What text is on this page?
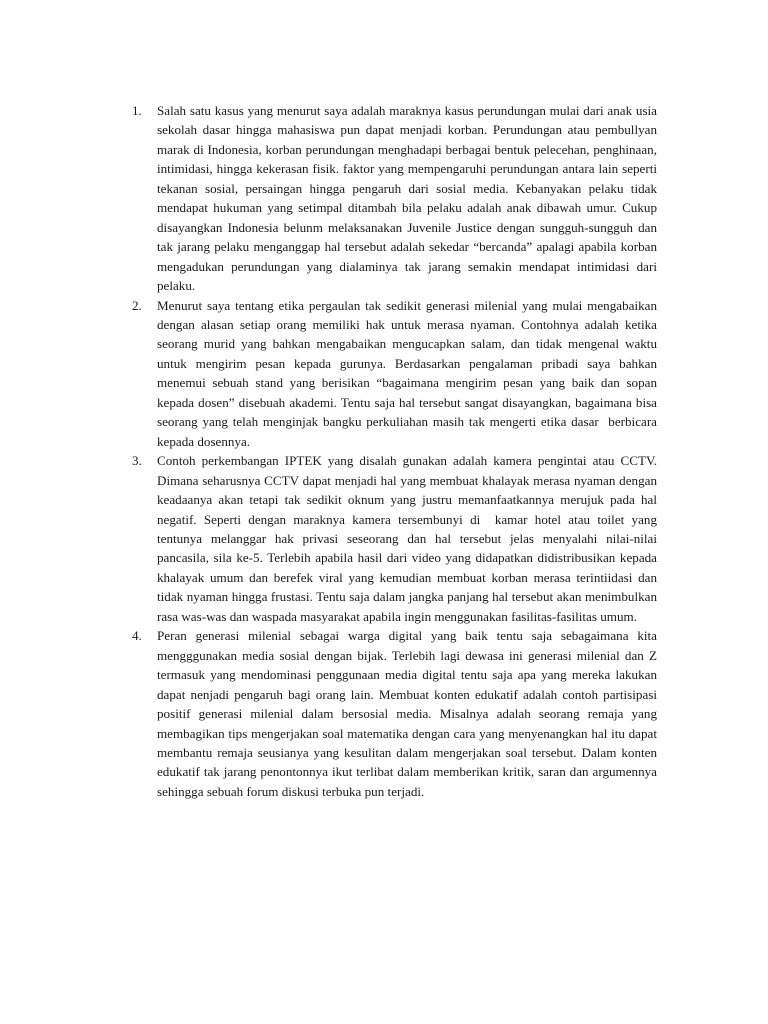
1. Salah satu kasus yang menurut saya adalah maraknya kasus perundungan mulai dari anak usia sekolah dasar hingga mahasiswa pun dapat menjadi korban. Perundungan atau pembullyan marak di Indonesia, korban perundungan menghadapi berbagai bentuk pelecehan, penghinaan, intimidasi, hingga kekerasan fisik. faktor yang mempengaruhi perundungan antara lain seperti tekanan sosial, persaingan hingga pengaruh dari sosial media. Kebanyakan pelaku tidak mendapat hukuman yang setimpal ditambah bila pelaku adalah anak dibawah umur. Cukup disayangkan Indonesia belunm melaksanakan Juvenile Justice dengan sungguh-sungguh dan tak jarang pelaku menganggap hal tersebut adalah sekedar “bercanda” apalagi apabila korban mengadukan perundungan yang dialaminya tak jarang semakin mendapat intimidasi dari pelaku.
2. Menurut saya tentang etika pergaulan tak sedikit generasi milenial yang mulai mengabaikan dengan alasan setiap orang memiliki hak untuk merasa nyaman. Contohnya adalah ketika seorang murid yang bahkan mengabaikan mengucapkan salam, dan tidak mengenal waktu untuk mengirim pesan kepada gurunya. Berdasarkan pengalaman pribadi saya bahkan menemui sebuah stand yang berisikan “bagaimana mengirim pesan yang baik dan sopan kepada dosen” disebuah akademi. Tentu saja hal tersebut sangat disayangkan, bagaimana bisa seorang yang telah menginjak bangku perkuliahan masih tak mengerti etika dasar  berbicara kepada dosennya.
3. Contoh perkembangan IPTEK yang disalah gunakan adalah kamera pengintai atau CCTV. Dimana seharusnya CCTV dapat menjadi hal yang membuat khalayak merasa nyaman dengan keadaanya akan tetapi tak sedikit oknum yang justru memanfaatkannya merujuk pada hal negatif. Seperti dengan maraknya kamera tersembunyi di  kamar hotel atau toilet yang tentunya melanggar hak privasi seseorang dan hal tersebut jelas menyalahi nilai-nilai pancasila, sila ke-5. Terlebih apabila hasil dari video yang didapatkan didistribusikan kepada khalayak umum dan berefek viral yang kemudian membuat korban merasa terintiidasi dan tidak nyaman hingga frustasi. Tentu saja dalam jangka panjang hal tersebut akan menimbulkan rasa was-was dan waspada masyarakat apabila ingin menggunakan fasilitas-fasilitas umum.
4. Peran generasi milenial sebagai warga digital yang baik tentu saja sebagaimana kita mengggunakan media sosial dengan bijak. Terlebih lagi dewasa ini generasi milenial dan Z termasuk yang mendominasi penggunaan media digital tentu saja apa yang mereka lakukan dapat nenjadi pengaruh bagi orang lain. Membuat konten edukatif adalah contoh partisipasi positif generasi milenial dalam bersosial media. Misalnya adalah seorang remaja yang membagikan tips mengerjakan soal matematika dengan cara yang menyenangkan hal itu dapat membantu remaja seusianya yang kesulitan dalam mengerjakan soal tersebut. Dalam konten edukatif tak jarang penontonnya ikut terlibat dalam memberikan kritik, saran dan argumennya sehingga sebuah forum diskusi terbuka pun terjadi.
